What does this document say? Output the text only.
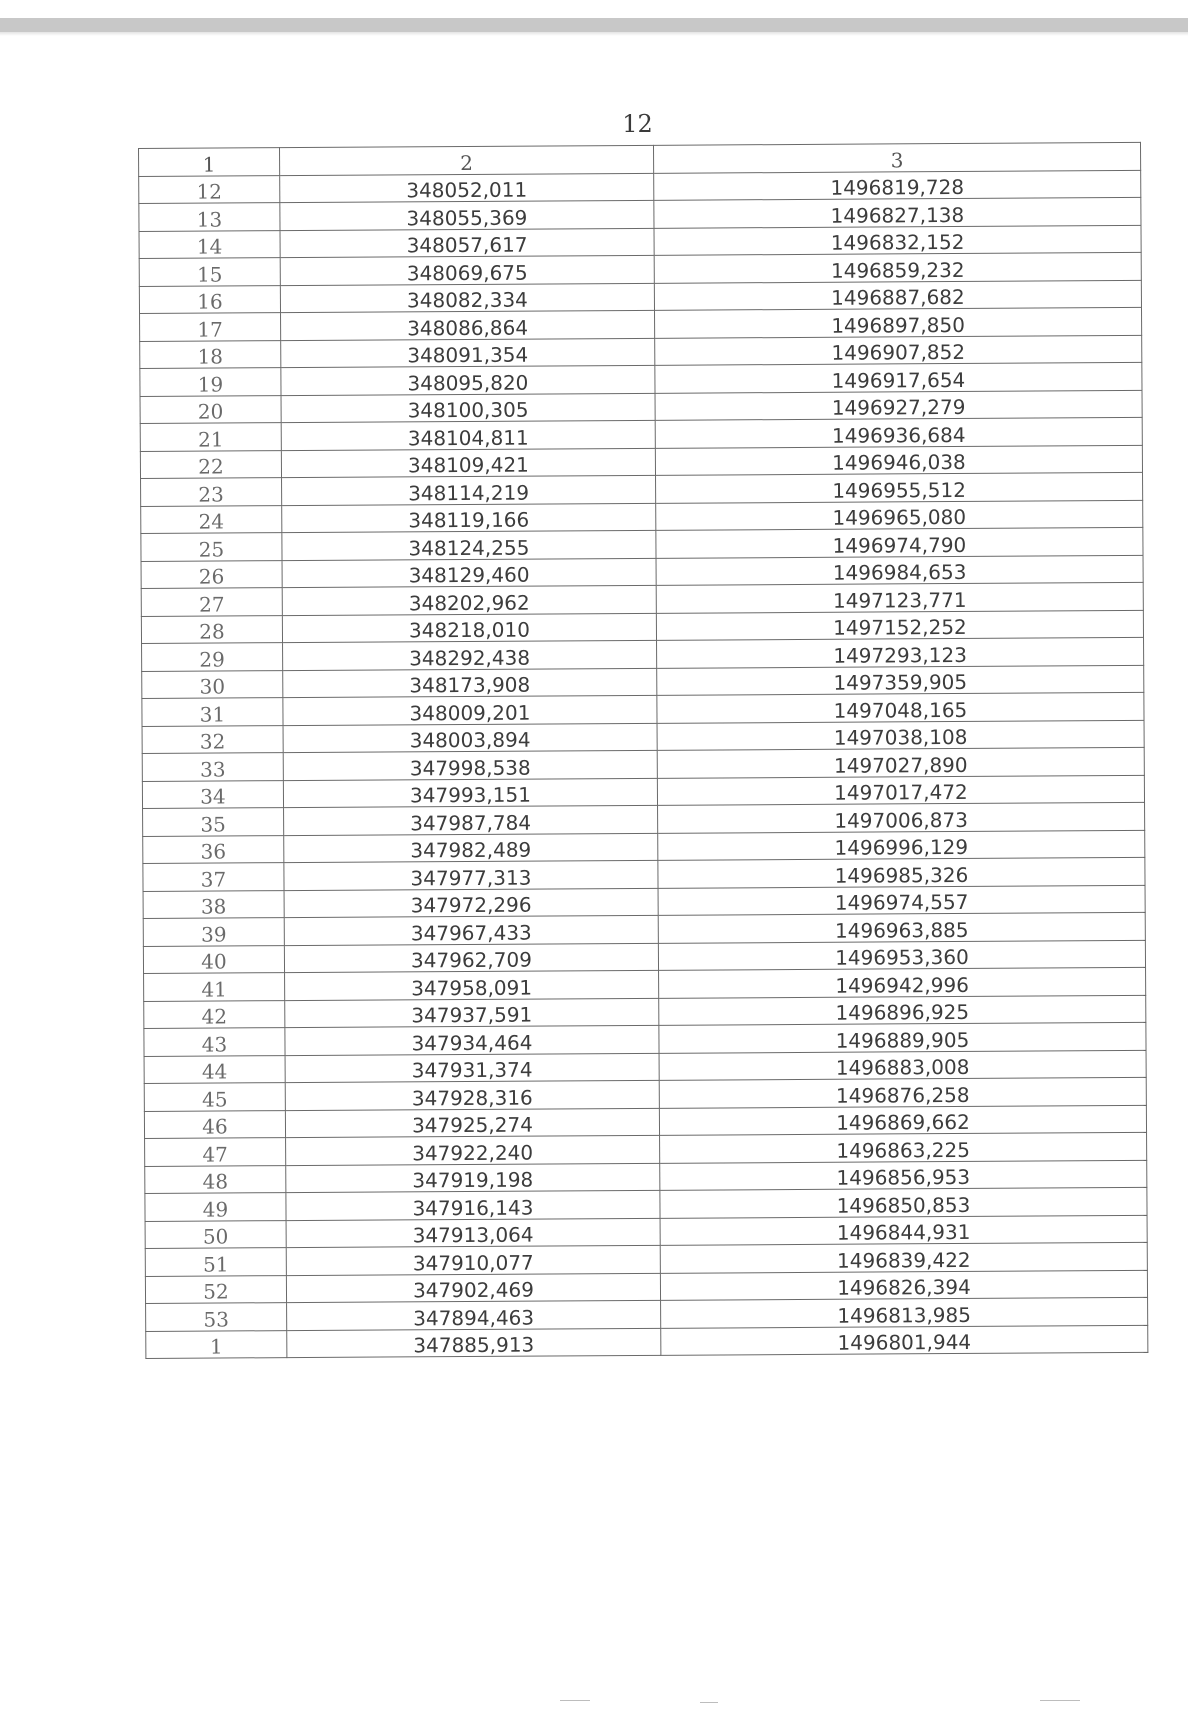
12
1	2	3
12	348052,011	1496819,728
13	348055,369	1496827,138
14	348057,617	1496832,152
15	348069,675	1496859,232
16	348082,334	1496887,682
17	348086,864	1496897,850
18	348091,354	1496907,852
19	348095,820	1496917,654
20	348100,305	1496927,279
21	348104,811	1496936,684
22	348109,421	1496946,038
23	348114,219	1496955,512
24	348119,166	1496965,080
25	348124,255	1496974,790
26	348129,460	1496984,653
27	348202,962	1497123,771
28	348218,010	1497152,252
29	348292,438	1497293,123
30	348173,908	1497359,905
31	348009,201	1497048,165
32	348003,894	1497038,108
33	347998,538	1497027,890
34	347993,151	1497017,472
35	347987,784	1497006,873
36	347982,489	1496996,129
37	347977,313	1496985,326
38	347972,296	1496974,557
39	347967,433	1496963,885
40	347962,709	1496953,360
41	347958,091	1496942,996
42	347937,591	1496896,925
43	347934,464	1496889,905
44	347931,374	1496883,008
45	347928,316	1496876,258
46	347925,274	1496869,662
47	347922,240	1496863,225
48	347919,198	1496856,953
49	347916,143	1496850,853
50	347913,064	1496844,931
51	347910,077	1496839,422
52	347902,469	1496826,394
53	347894,463	1496813,985
1	347885,913	1496801,944
